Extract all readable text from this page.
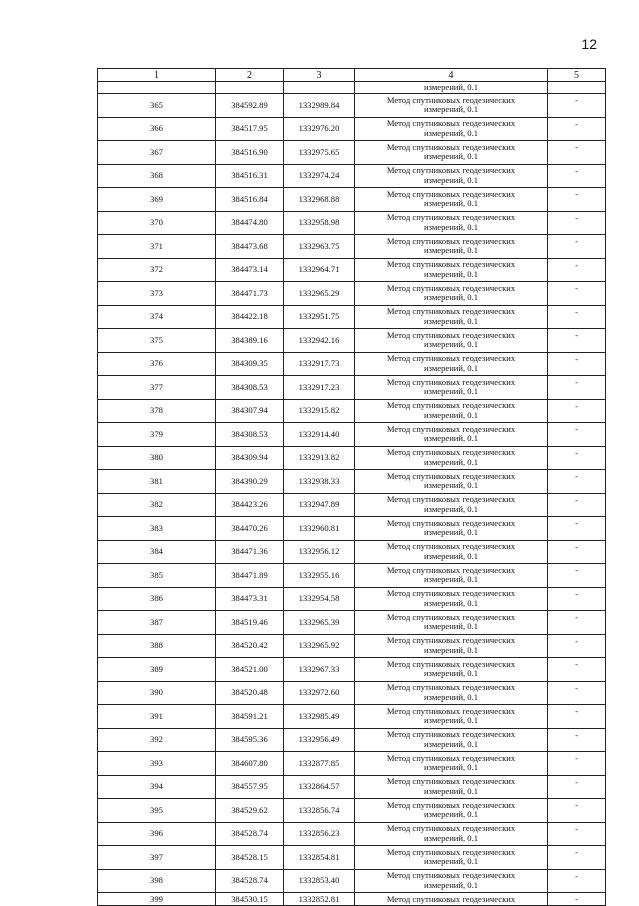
12
1	2	3	4	5
			измерений, 0.1	
365	384592.89	1332989.84	Метод спутниковых геодезических
измерений, 0.1	-
366	384517.95	1332976.20	Метод спутниковых геодезических
измерений, 0.1	-
367	384516.90	1332975.65	Метод спутниковых геодезических
измерений, 0.1	-
368	384516.31	1332974.24	Метод спутниковых геодезических
измерений, 0.1	-
369	384516.84	1332968.88	Метод спутниковых геодезических
измерений, 0.1	-
370	384474.80	1332958.98	Метод спутниковых геодезических
измерений, 0.1	-
371	384473.68	1332963.75	Метод спутниковых геодезических
измерений, 0.1	-
372	384473.14	1332964.71	Метод спутниковых геодезических
измерений, 0.1	-
373	384471.73	1332965.29	Метод спутниковых геодезических
измерений, 0.1	-
374	384422.18	1332951.75	Метод спутниковых геодезических
измерений, 0.1	-
375	384389.16	1332942.16	Метод спутниковых геодезических
измерений, 0.1	-
376	384309.35	1332917.73	Метод спутниковых геодезических
измерений, 0.1	-
377	384308.53	1332917.23	Метод спутниковых геодезических
измерений, 0.1	-
378	384307.94	1332915.82	Метод спутниковых геодезических
измерений, 0.1	-
379	384308.53	1332914.40	Метод спутниковых геодезических
измерений, 0.1	-
380	384309.94	1332913.82	Метод спутниковых геодезических
измерений, 0.1	-
381	384390.29	1332938.33	Метод спутниковых геодезических
измерений, 0.1	-
382	384423.26	1332947.89	Метод спутниковых геодезических
измерений, 0.1	-
383	384470.26	1332960.81	Метод спутниковых геодезических
измерений, 0.1	-
384	384471.36	1332956.12	Метод спутниковых геодезических
измерений, 0.1	-
385	384471.89	1332955.16	Метод спутниковых геодезических
измерений, 0.1	-
386	384473.31	1332954.58	Метод спутниковых геодезических
измерений, 0.1	-
387	384519.46	1332965.39	Метод спутниковых геодезических
измерений, 0.1	-
388	384520.42	1332965.92	Метод спутниковых геодезических
измерений, 0.1	-
389	384521.00	1332967.33	Метод спутниковых геодезических
измерений, 0.1	-
390	384520.48	1332972.60	Метод спутниковых геодезических
измерений, 0.1	-
391	384591.21	1332985.49	Метод спутниковых геодезических
измерений, 0.1	-
392	384595.36	1332956.49	Метод спутниковых геодезических
измерений, 0.1	-
393	384607.80	1332877.85	Метод спутниковых геодезических
измерений, 0.1	-
394	384557.95	1332864.57	Метод спутниковых геодезических
измерений, 0.1	-
395	384529.62	1332856.74	Метод спутниковых геодезических
измерений, 0.1	-
396	384528.74	1332856.23	Метод спутниковых геодезических
измерений, 0.1	-
397	384528.15	1332854.81	Метод спутниковых геодезических
измерений, 0.1	-
398	384528.74	1332853.40	Метод спутниковых геодезических
измерений, 0.1	-
399	384530.15	1332852.81	Метод спутниковых геодезических	-
